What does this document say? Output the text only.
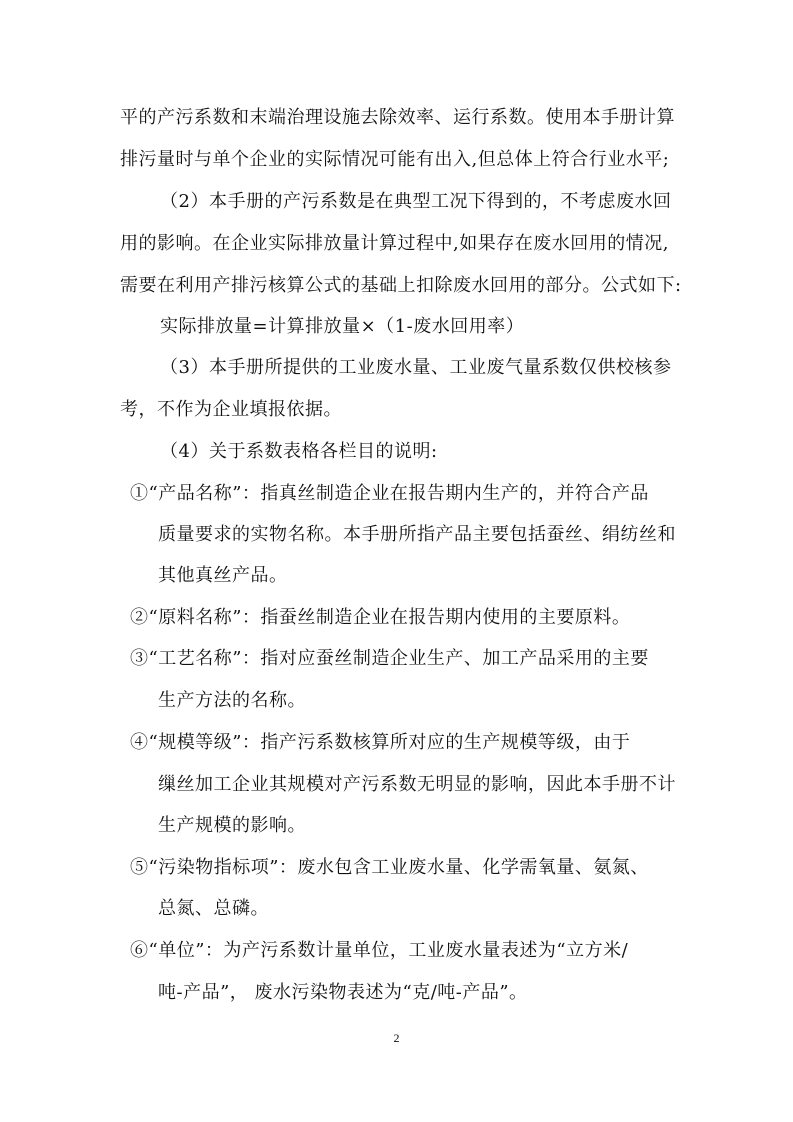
平的产污系数和末端治理设施去除效率、运行系数。使用本手册计算
排污量时与单个企业的实际情况可能有出入,但总体上符合行业水平;
（2）本手册的产污系数是在典型工况下得到的，不考虑废水回
用的影响。在企业实际排放量计算过程中,如果存在废水回用的情况,
需要在利用产排污核算公式的基础上扣除废水回用的部分。公式如下:
实际排放量=计算排放量×（1-废水回用率）
（3）本手册所提供的工业废水量、工业废气量系数仅供校核参
考，不作为企业填报依据。
（4）关于系数表格各栏目的说明:
①“产品名称”：指真丝制造企业在报告期内生产的，并符合产品
质量要求的实物名称。本手册所指产品主要包括蚕丝、绢纺丝和
其他真丝产品。
②“原料名称”：指蚕丝制造企业在报告期内使用的主要原料。
③“工艺名称”：指对应蚕丝制造企业生产、加工产品采用的主要
生产方法的名称。
④“规模等级”：指产污系数核算所对应的生产规模等级，由于
缫丝加工企业其规模对产污系数无明显的影响，因此本手册不计
生产规模的影响。
⑤“污染物指标项”：废水包含工业废水量、化学需氧量、氨氮、
总氮、总磷。
⑥“单位”：为产污系数计量单位，工业废水量表述为“立方米/
吨-产品”， 废水污染物表述为“克/吨-产品”。
2
